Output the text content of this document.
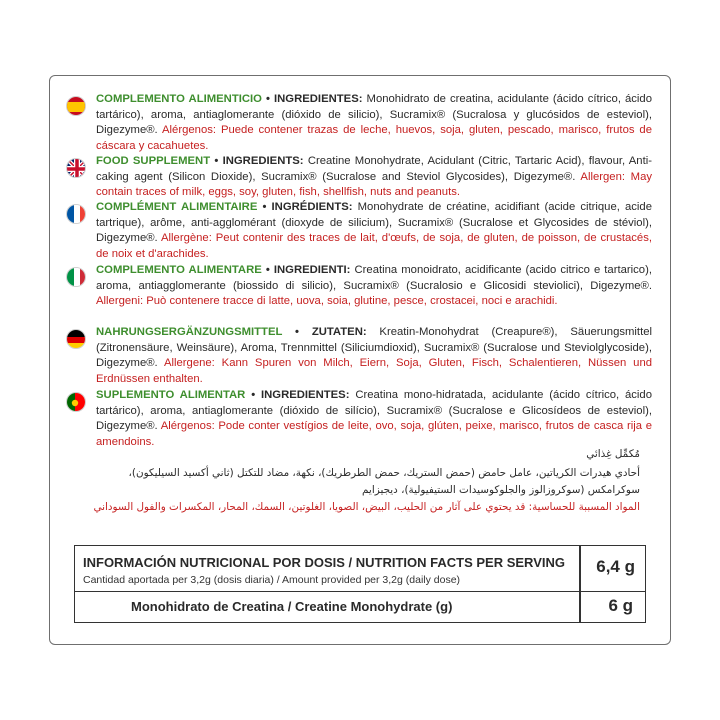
COMPLEMENTO ALIMENTICIO • INGREDIENTES: Monohidrato de creatina, acidulante (ácido cítrico, ácido tartárico), aroma, antiaglomerante (dióxido de silicio), Sucramix® (Sucralosa y glucósidos de esteviol), Digezyme®. Alérgenos: Puede contener trazas de leche, huevos, soja, gluten, pescado, marisco, frutos de cáscara y cacahuetes.
FOOD SUPPLEMENT • INGREDIENTS: Creatine Monohydrate, Acidulant (Citric, Tartaric Acid), flavour, Anti-caking agent (Silicon Dioxide), Sucramix® (Sucralose and Steviol Glycosides), Digezyme®. Allergen: May contain traces of milk, eggs, soy, gluten, fish, shellfish, nuts and peanuts.
COMPLÉMENT ALIMENTAIRE • INGRÉDIENTS: Monohydrate de créatine, acidifiant (acide citrique, acide tartrique), arôme, anti-agglomérant (dioxyde de silicium), Sucramix® (Sucralose et Glycosides de stéviol), Digezyme®. Allergène: Peut contenir des traces de lait, d'œufs, de soja, de gluten, de poisson, de crustacés, de noix et d'arachides.
COMPLEMENTO ALIMENTARE • INGREDIENTI: Creatina monoidrato, acidificante (acido citrico e tartarico), aroma, antiagglomerante (biossido di silicio), Sucramix® (Sucralosio e Glicosidi steviolici), Digezyme®. Allergeni: Può contenere tracce di latte, uova, soia, glutine, pesce, crostacei, noci e arachidi.
NAHRUNGSERGÄNZUNGSMITTEL • ZUTATEN: Kreatin-Monohydrat (Creapure®), Säuerungsmittel (Zitronensäure, Weinsäure), Aroma, Trennmittel (Siliciumdioxid), Sucramix® (Sucralose und Steviolglycoside), Digezyme®. Allergene: Kann Spuren von Milch, Eiern, Soja, Gluten, Fisch, Schalentieren, Nüssen und Erdnüssen enthalten.
SUPLEMENTO ALIMENTAR • INGREDIENTES: Creatina mono-hidratada, acidulante (ácido cítrico, ácido tartárico), aroma, antiaglomerante (dióxido de silício), Sucramix® (Sucralose e Glicosídeos de esteviol), Digezyme®. Alérgenos: Pode conter vestígios de leite, ovo, soja, glúten, peixe, marisco, frutos de casca rija e amendoins.
مُكمِّل غِذائي
أحادي هيدرات الكرياتين، عامل حامض (حمض الستريك، حمض الطرطريك)، نكهة، مضاد للتكتل (ثاني أكسيد السيليكون)،
سوكرامكس (سوكروزالوز والجلوكوسيدات الستيفيولية)، ديجيزايم
المواد المسببة للحساسية: قد يحتوي على آثار من الحليب، البيض، الصويا، الغلوتين، السمك، المحار، المكسرات والفول السوداني
INFORMACIÓN NUTRICIONAL POR DOSIS / NUTRITION FACTS PER SERVING
Cantidad aportada per 3,2g (dosis diaria) / Amount provided per 3,2g (daily dose)
6,4 g
Monohidrato de Creatina / Creatine Monohydrate (g)	6 g
